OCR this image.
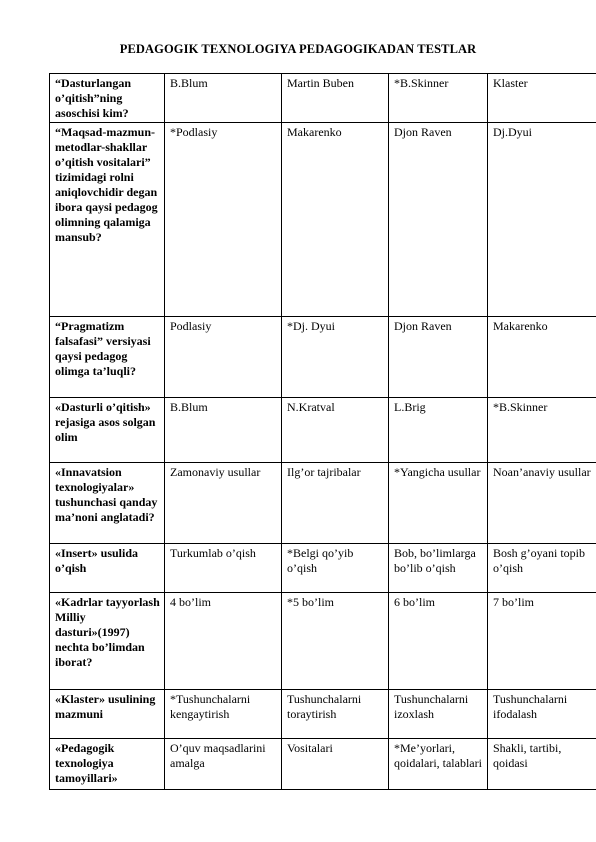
PEDAGOGIK TEXNOLOGIYA PEDAGOGIKADAN TESTLAR
“Dasturlangan o’qitish”ning asoschisi kim?	B.Blum	Martin Buben	*B.Skinner	Klaster
“Maqsad-mazmun-metodlar-shakllar o’qitish vositalari” tizimidagi rolni aniqlovchidir degan ibora qaysi pedagog olimning qalamiga mansub?	*Podlasiy	Makarenko	Djon Raven	Dj.Dyui
“Pragmatizm falsafasi” versiyasi qaysi pedagog olimga ta’luqli?	Podlasiy	*Dj. Dyui	Djon Raven	Makarenko
«Dasturli o’qitish» rejasiga asos solgan olim	B.Blum	N.Kratval	L.Brig	*B.Skinner
«Innavatsion texnologiyalar» tushunchasi qanday ma’noni anglatadi?	Zamonaviy usullar	Ilg’or tajribalar	*Yangicha usullar	Noan’anaviy usullar
«Insert» usulida o’qish	Turkumlab o’qish	*Belgi qo’yib o’qish	Bob, bo’limlarga bo’lib o’qish	Bosh g’oyani topib o’qish
«Kadrlar tayyorlash Milliy dasturi»(1997) nechta bo’limdan iborat?	4 bo’lim	*5 bo’lim	6 bo’lim	7 bo’lim
«Klaster» usulining mazmuni	*Tushunchalarni kengaytirish	Tushunchalarni toraytirish	Tushunchalarni izoxlash	Tushunchalarni ifodalash
«Pedagogik texnologiya tamoyillari»	O’quv maqsadlarini amalga	Vositalari	*Me’yorlari, qoidalari, talablari	Shakli, tartibi, qoidasi
